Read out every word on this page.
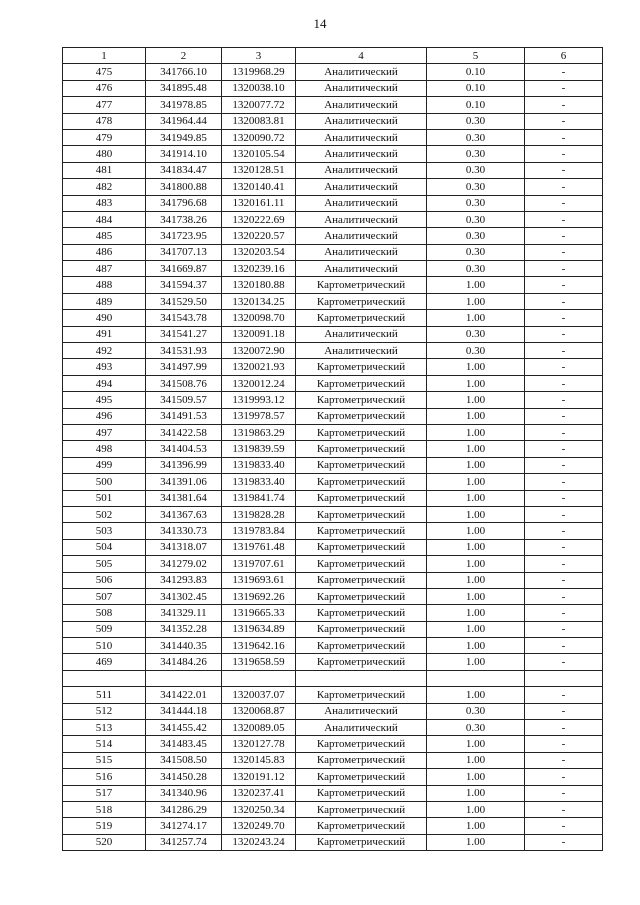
14
1	2	3	4	5	6
475	341766.10	1319968.29	Аналитический	0.10	-
476	341895.48	1320038.10	Аналитический	0.10	-
477	341978.85	1320077.72	Аналитический	0.10	-
478	341964.44	1320083.81	Аналитический	0.30	-
479	341949.85	1320090.72	Аналитический	0.30	-
480	341914.10	1320105.54	Аналитический	0.30	-
481	341834.47	1320128.51	Аналитический	0.30	-
482	341800.88	1320140.41	Аналитический	0.30	-
483	341796.68	1320161.11	Аналитический	0.30	-
484	341738.26	1320222.69	Аналитический	0.30	-
485	341723.95	1320220.57	Аналитический	0.30	-
486	341707.13	1320203.54	Аналитический	0.30	-
487	341669.87	1320239.16	Аналитический	0.30	-
488	341594.37	1320180.88	Картометрический	1.00	-
489	341529.50	1320134.25	Картометрический	1.00	-
490	341543.78	1320098.70	Картометрический	1.00	-
491	341541.27	1320091.18	Аналитический	0.30	-
492	341531.93	1320072.90	Аналитический	0.30	-
493	341497.99	1320021.93	Картометрический	1.00	-
494	341508.76	1320012.24	Картометрический	1.00	-
495	341509.57	1319993.12	Картометрический	1.00	-
496	341491.53	1319978.57	Картометрический	1.00	-
497	341422.58	1319863.29	Картометрический	1.00	-
498	341404.53	1319839.59	Картометрический	1.00	-
499	341396.99	1319833.40	Картометрический	1.00	-
500	341391.06	1319833.40	Картометрический	1.00	-
501	341381.64	1319841.74	Картометрический	1.00	-
502	341367.63	1319828.28	Картометрический	1.00	-
503	341330.73	1319783.84	Картометрический	1.00	-
504	341318.07	1319761.48	Картометрический	1.00	-
505	341279.02	1319707.61	Картометрический	1.00	-
506	341293.83	1319693.61	Картометрический	1.00	-
507	341302.45	1319692.26	Картометрический	1.00	-
508	341329.11	1319665.33	Картометрический	1.00	-
509	341352.28	1319634.89	Картометрический	1.00	-
510	341440.35	1319642.16	Картометрический	1.00	-
469	341484.26	1319658.59	Картометрический	1.00	-

511	341422.01	1320037.07	Картометрический	1.00	-
512	341444.18	1320068.87	Аналитический	0.30	-
513	341455.42	1320089.05	Аналитический	0.30	-
514	341483.45	1320127.78	Картометрический	1.00	-
515	341508.50	1320145.83	Картометрический	1.00	-
516	341450.28	1320191.12	Картометрический	1.00	-
517	341340.96	1320237.41	Картометрический	1.00	-
518	341286.29	1320250.34	Картометрический	1.00	-
519	341274.17	1320249.70	Картометрический	1.00	-
520	341257.74	1320243.24	Картометрический	1.00	-
